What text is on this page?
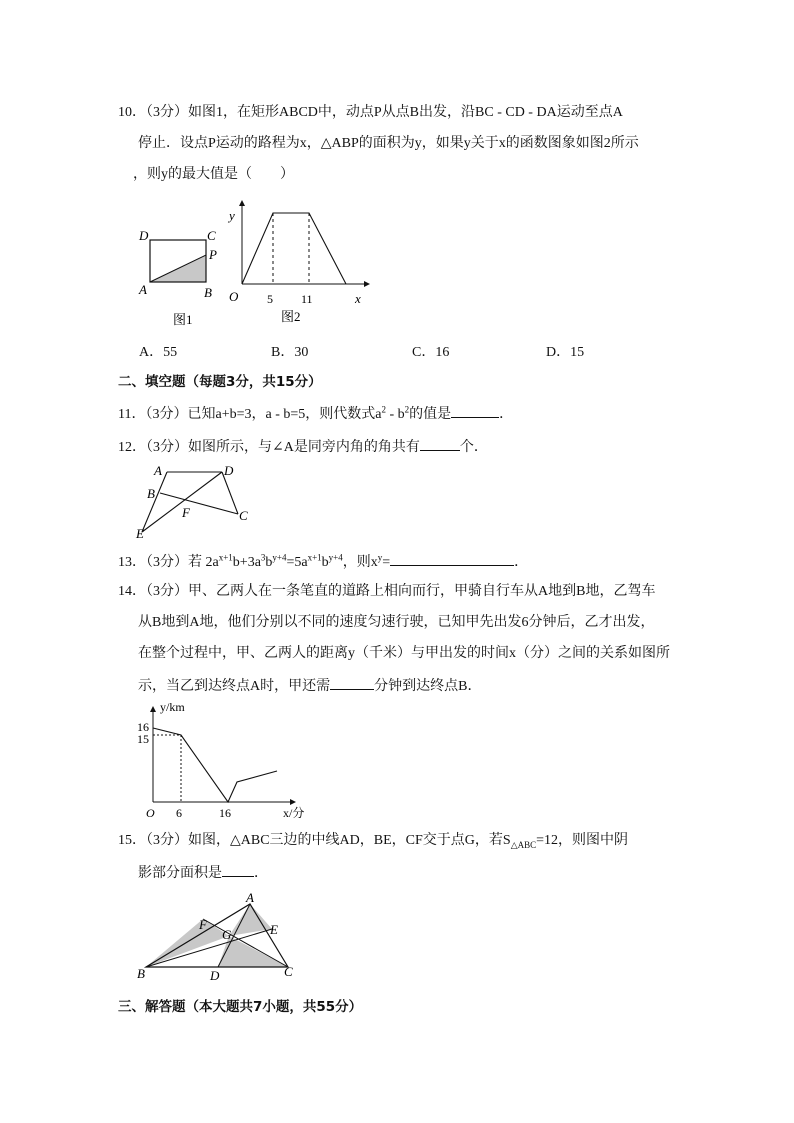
10．（3分）如图1，在矩形ABCD中，动点P从点B出发，沿BC - CD - DA运动至点A
停止．设点P运动的路程为x，△ABP的面积为y，如果y关于x的函数图象如图2所示
，则y的最大值是（　　）
D	C
P
A	B
图1
y
O 5 11	x
图2
A．55	B．30	C．16	D．15
二、填空题（每题3分，共15分）
11．（3分）已知a+b=3，a - b=5，则代数式$a^2 - b^2$的值是	．
12．（3分）如图所示，与∠A是同旁内角的角共有	个．
A	D
B
F	C
E
13．（3分）若 $2a^{x+1}b+3a^3b^{y+4}=5a^{x+1}b^{y+4}$，则$x^y=$	．
14．（3分）甲、乙两人在一条笔直的道路上相向而行，甲骑自行车从A地到B地，乙驾车
从B地到A地，他们分别以不同的速度匀速行驶，已知甲先出发6分钟后，乙才出发，
在整个过程中，甲、乙两人的距离y（千米）与甲出发的时间x（分）之间的关系如图所
示，当乙到达终点A时，甲还需	分钟到达终点B．
y/km
16
15
O 6	16	x/分
15．（3分）如图，△ABC三边的中线AD，BE，CF交于点G，若$S_{\triangle ABC}=12$，则图中阴
影部分面积是 ．
A
F
G	E
B	D	C
三、解答题（本大题共7小题，共55分）
